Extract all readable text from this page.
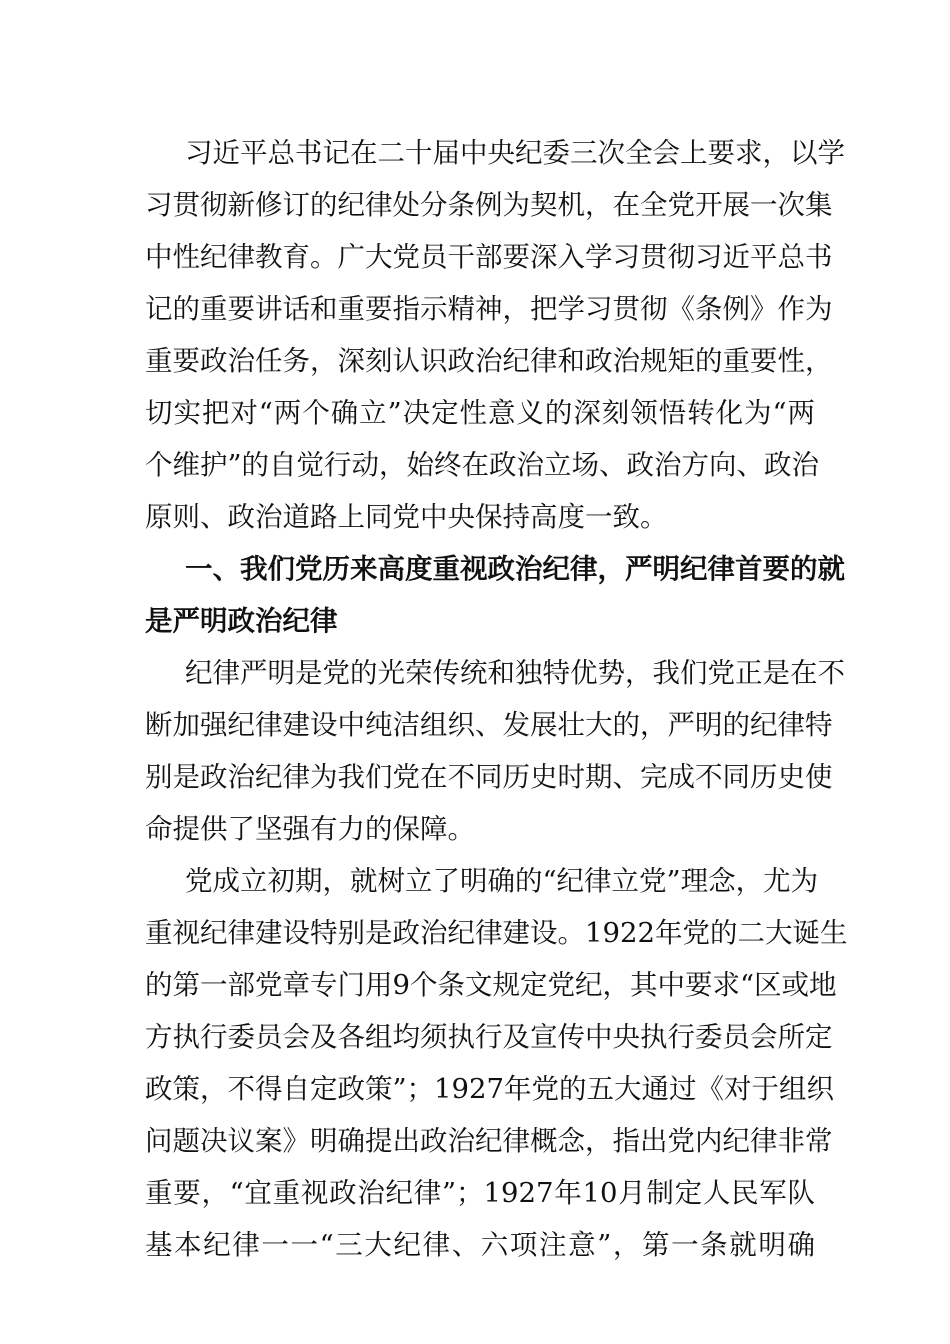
习近平总书记在二十届中央纪委三次全会上要求，以学
习贯彻新修订的纪律处分条例为契机，在全党开展一次集
中性纪律教育。广大党员干部要深入学习贯彻习近平总书
记的重要讲话和重要指示精神，把学习贯彻《条例》作为
重要政治任务，深刻认识政治纪律和政治规矩的重要性，
切实把对“两个确立”决定性意义的深刻领悟转化为“两
个维护”的自觉行动，始终在政治立场、政治方向、政治
原则、政治道路上同党中央保持高度一致。
一、我们党历来高度重视政治纪律，严明纪律首要的就
是严明政治纪律
纪律严明是党的光荣传统和独特优势，我们党正是在不
断加强纪律建设中纯洁组织、发展壮大的，严明的纪律特
别是政治纪律为我们党在不同历史时期、完成不同历史使
命提供了坚强有力的保障。
党成立初期，就树立了明确的“纪律立党”理念，尤为
重视纪律建设特别是政治纪律建设。1922年党的二大诞生
的第一部党章专门用9个条文规定党纪，其中要求“区或地
方执行委员会及各组均须执行及宣传中央执行委员会所定
政策，不得自定政策”；1927年党的五大通过《对于组织
问题决议案》明确提出政治纪律概念，指出党内纪律非常
重要，“宜重视政治纪律”；1927年10月制定人民军队
基本纪律一一“三大纪律、六项注意”，第一条就明确
